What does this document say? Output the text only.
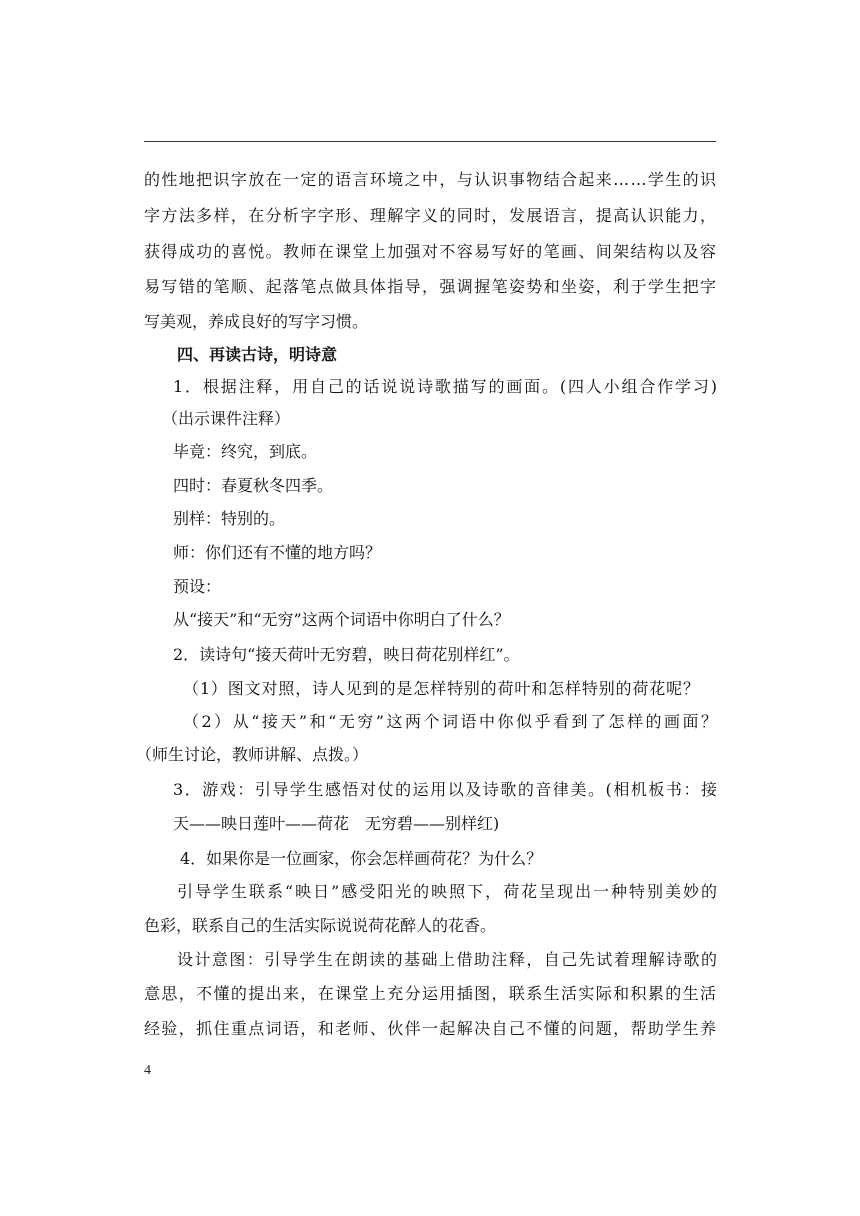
的性地把识字放在一定的语言环境之中，与认识事物结合起来……学生的识
字方法多样，在分析字字形、理解字义的同时，发展语言，提高认识能力，
获得成功的喜悦。教师在课堂上加强对不容易写好的笔画、间架结构以及容
易写错的笔顺、起落笔点做具体指导，强调握笔姿势和坐姿，利于学生把字
写美观，养成良好的写字习惯。
四、再读古诗，明诗意
1．根据注释，用自己的话说说诗歌描写的画面。(四人小组合作学习)
（出示课件注释）
毕竟：终究，到底。
四时：春夏秋冬四季。
别样：特别的。
师：你们还有不懂的地方吗？
预设：
从“接天”和“无穷”这两个词语中你明白了什么？
2．读诗句“接天荷叶无穷碧，映日荷花别样红”。
（1）图文对照，诗人见到的是怎样特别的荷叶和怎样特别的荷花呢？
（2）从“接天”和“无穷”这两个词语中你似乎看到了怎样的画面？
（师生讨论，教师讲解、点拨。）
3．游戏：引导学生感悟对仗的运用以及诗歌的音律美。(相机板书：接
天——映日莲叶——荷花　无穷碧——别样红)
4．如果你是一位画家，你会怎样画荷花？为什么？
引导学生联系“映日”感受阳光的映照下，荷花呈现出一种特别美妙的
色彩，联系自己的生活实际说说荷花醉人的花香。
设计意图：引导学生在朗读的基础上借助注释，自己先试着理解诗歌的
意思，不懂的提出来，在课堂上充分运用插图，联系生活实际和积累的生活
经验，抓住重点词语，和老师、伙伴一起解决自己不懂的问题，帮助学生养
4
